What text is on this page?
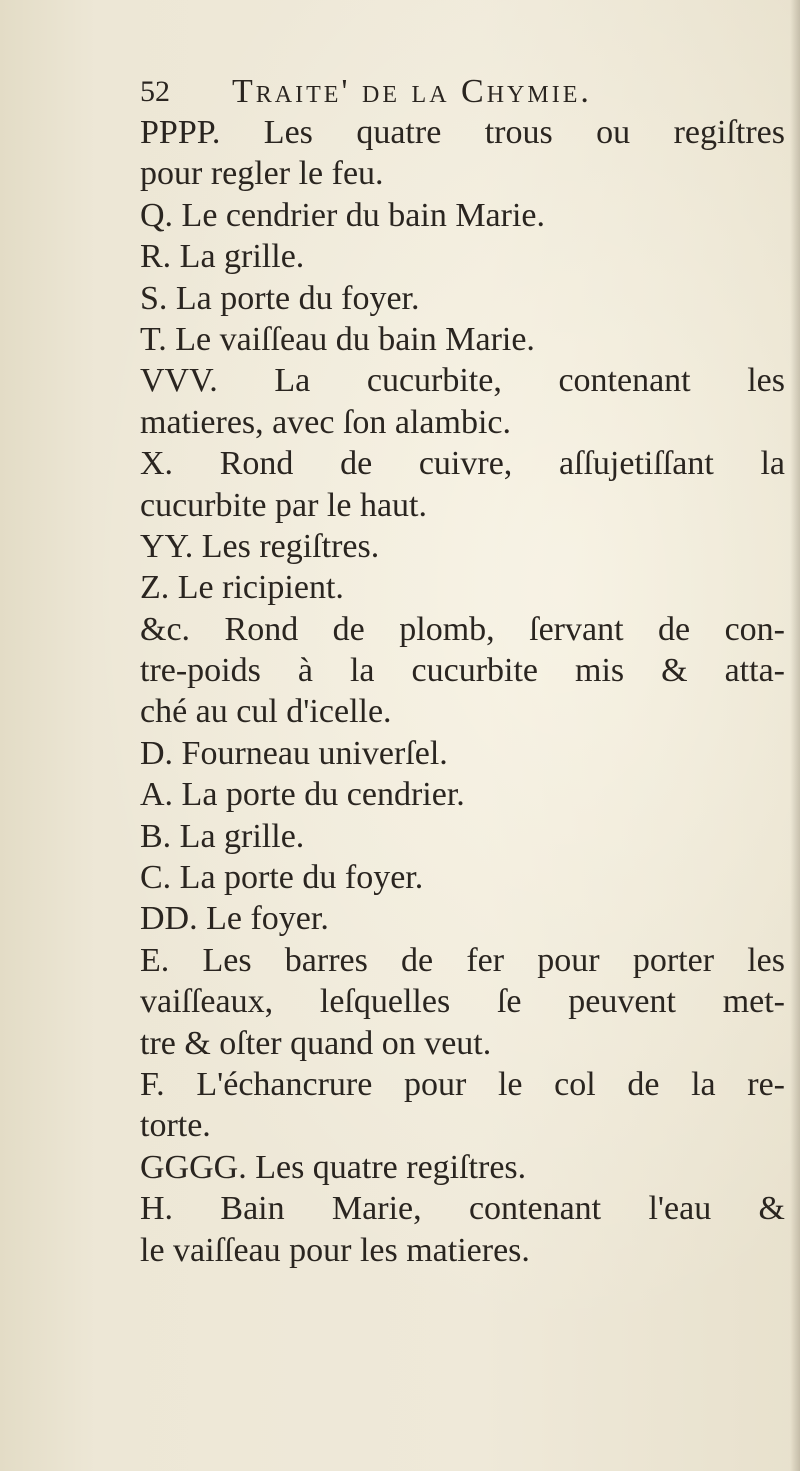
52 Traite' de la Chymie.
PPPP. Les quatre trous ou regiſtres
pour regler le feu.
Q. Le cendrier du bain Marie.
R. La grille.
S. La porte du foyer.
T. Le vaiſſeau du bain Marie.
VVV. La cucurbite, contenant les
matieres, avec ſon alambic.
X. Rond de cuivre, aſſujetiſſant la
cucurbite par le haut.
YY. Les regiſtres.
Z. Le ricipient.
&c. Rond de plomb, ſervant de con-
tre-poids à la cucurbite mis & atta-
ché au cul d'icelle.
D. Fourneau univerſel.
A. La porte du cendrier.
B. La grille.
C. La porte du foyer.
DD. Le foyer.
E. Les barres de fer pour porter les
vaiſſeaux, leſquelles ſe peuvent met-
tre & oſter quand on veut.
F. L'échancrure pour le col de la re-
torte.
GGGG. Les quatre regiſtres.
H. Bain Marie, contenant l'eau &
le vaiſſeau pour les matieres.
